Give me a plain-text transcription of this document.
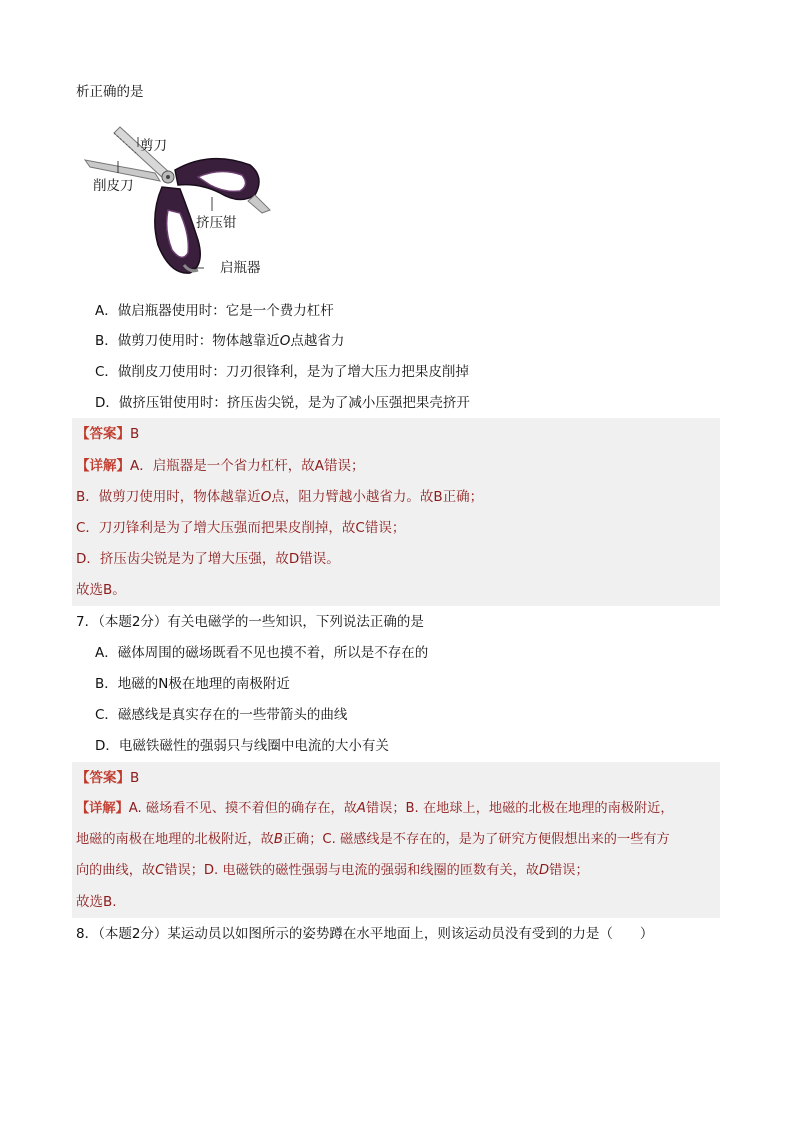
析正确的是
剪刀
削皮刀
挤压钳
启瓶器
A．做启瓶器使用时：它是一个费力杠杆
B．做剪刀使用时：物体越靠近O点越省力
C．做削皮刀使用时：刀刃很锋利，是为了增大压力把果皮削掉
D．做挤压钳使用时：挤压齿尖锐，是为了减小压强把果壳挤开
【答案】B
【详解】A．启瓶器是一个省力杠杆，故A错误；
B．做剪刀使用时，物体越靠近O点，阻力臂越小越省力。故B正确；
C．刀刃锋利是为了增大压强而把果皮削掉，故C错误；
D．挤压齿尖锐是为了增大压强，故D错误。
故选B。
7．（本题2分）有关电磁学的一些知识，下列说法正确的是
A．磁体周围的磁场既看不见也摸不着，所以是不存在的
B．地磁的N极在地理的南极附近
C．磁感线是真实存在的一些带箭头的曲线
D．电磁铁磁性的强弱只与线圈中电流的大小有关
【答案】B
【详解】A. 磁场看不见、摸不着但的确存在，故A错误；B. 在地球上，地磁的北极在地理的南极附近，
地磁的南极在地理的北极附近，故B正确；C. 磁感线是不存在的，是为了研究方便假想出来的一些有方
向的曲线，故C错误；D. 电磁铁的磁性强弱与电流的强弱和线圈的匝数有关，故D错误；
故选B.
8．（本题2分）某运动员以如图所示的姿势蹲在水平地面上，则该运动员没有受到的力是（　　）
